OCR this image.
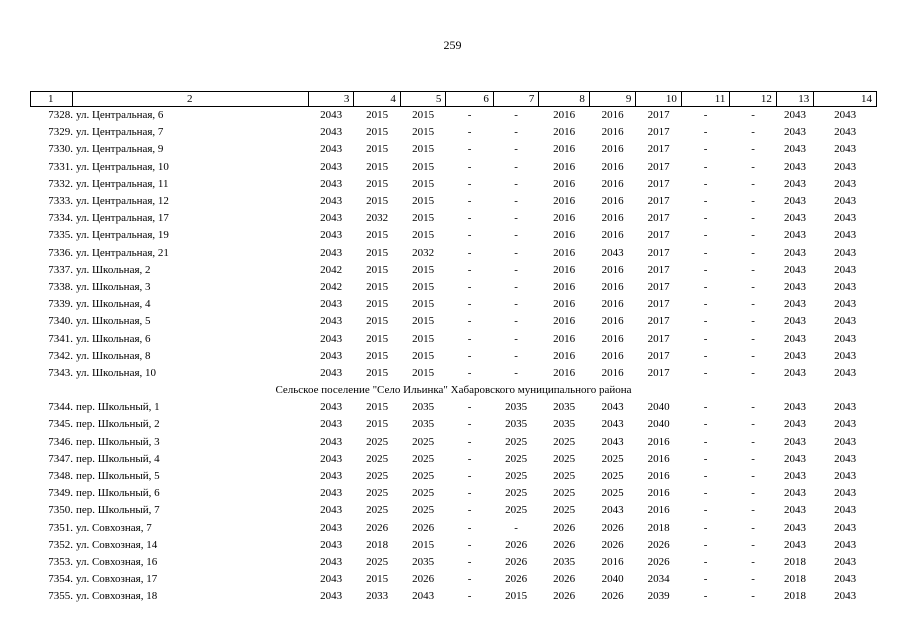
259
1	2	3	4	5	6	7	8	9	10	11	12	13	14
7328.	ул. Центральная, 6	2043	2015	2015	-	-	2016	2016	2017	-	-	2043	2043
7329.	ул. Центральная, 7	2043	2015	2015	-	-	2016	2016	2017	-	-	2043	2043
7330.	ул. Центральная, 9	2043	2015	2015	-	-	2016	2016	2017	-	-	2043	2043
7331.	ул. Центральная, 10	2043	2015	2015	-	-	2016	2016	2017	-	-	2043	2043
7332.	ул. Центральная, 11	2043	2015	2015	-	-	2016	2016	2017	-	-	2043	2043
7333.	ул. Центральная, 12	2043	2015	2015	-	-	2016	2016	2017	-	-	2043	2043
7334.	ул. Центральная, 17	2043	2032	2015	-	-	2016	2016	2017	-	-	2043	2043
7335.	ул. Центральная, 19	2043	2015	2015	-	-	2016	2016	2017	-	-	2043	2043
7336.	ул. Центральная, 21	2043	2015	2032	-	-	2016	2043	2017	-	-	2043	2043
7337.	ул. Школьная, 2	2042	2015	2015	-	-	2016	2016	2017	-	-	2043	2043
7338.	ул. Школьная, 3	2042	2015	2015	-	-	2016	2016	2017	-	-	2043	2043
7339.	ул. Школьная, 4	2043	2015	2015	-	-	2016	2016	2017	-	-	2043	2043
7340.	ул. Школьная, 5	2043	2015	2015	-	-	2016	2016	2017	-	-	2043	2043
7341.	ул. Школьная, 6	2043	2015	2015	-	-	2016	2016	2017	-	-	2043	2043
7342.	ул. Школьная, 8	2043	2015	2015	-	-	2016	2016	2017	-	-	2043	2043
7343.	ул. Школьная, 10	2043	2015	2015	-	-	2016	2016	2017	-	-	2043	2043
Сельское поселение "Село Ильинка" Хабаровского муниципального района													
7344.	пер. Школьный, 1	2043	2015	2035	-	2035	2035	2043	2040	-	-	2043	2043
7345.	пер. Школьный, 2	2043	2015	2035	-	2035	2035	2043	2040	-	-	2043	2043
7346.	пер. Школьный, 3	2043	2025	2025	-	2025	2025	2043	2016	-	-	2043	2043
7347.	пер. Школьный, 4	2043	2025	2025	-	2025	2025	2025	2016	-	-	2043	2043
7348.	пер. Школьный, 5	2043	2025	2025	-	2025	2025	2025	2016	-	-	2043	2043
7349.	пер. Школьный, 6	2043	2025	2025	-	2025	2025	2025	2016	-	-	2043	2043
7350.	пер. Школьный, 7	2043	2025	2025	-	2025	2025	2043	2016	-	-	2043	2043
7351.	ул. Совхозная, 7	2043	2026	2026	-	-	2026	2026	2018	-	-	2043	2043
7352.	ул. Совхозная, 14	2043	2018	2015	-	2026	2026	2026	2026	-	-	2043	2043
7353.	ул. Совхозная, 16	2043	2025	2035	-	2026	2035	2016	2026	-	-	2018	2043
7354.	ул. Совхозная, 17	2043	2015	2026	-	2026	2026	2040	2034	-	-	2018	2043
7355.	ул. Совхозная, 18	2043	2033	2043	-	2015	2026	2026	2039	-	-	2018	2043
